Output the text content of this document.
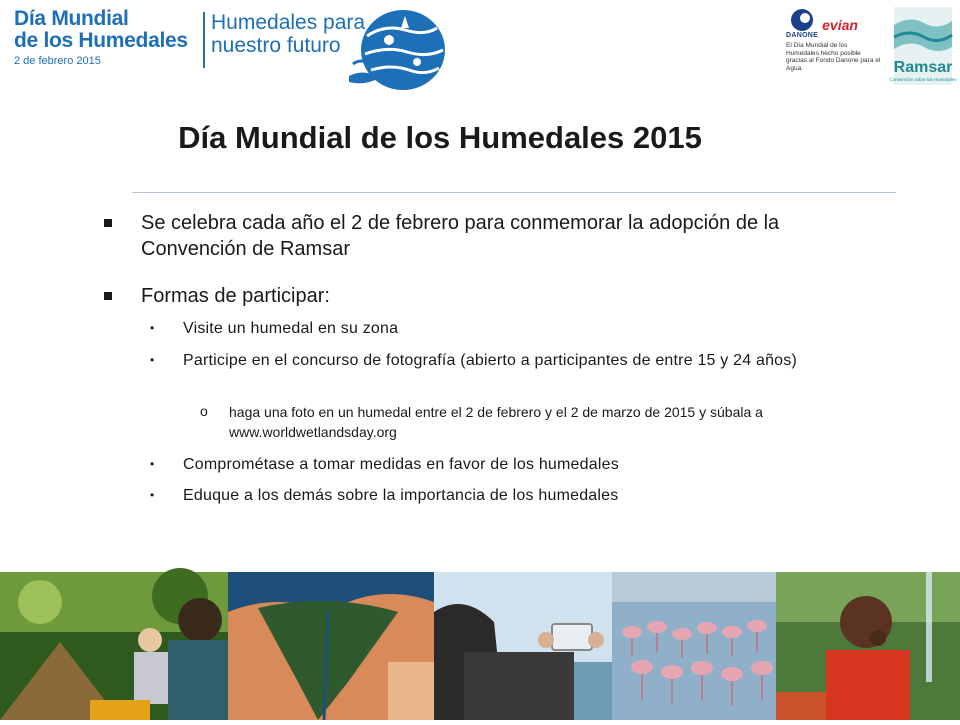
Día Mundial
de los Humedales
2 de febrero 2015
Humedales para
nuestro futuro	DANONE
evian
El Día Mundial de los Humedales hecho posible gracias al Fondo Danone para el Agua.	Ramsar
Convención sobre los Humedales
Día Mundial de los Humedales 2015
Se celebra cada año el 2 de febrero para conmemorar la adopción de la Convención de Ramsar
Formas de participar:
• Visite un humedal en su zona
• Participe en el concurso de fotografía (abierto a participantes de entre 15 y 24 años)
o haga una foto en un humedal entre el 2 de febrero y el 2 de marzo de 2015 y súbala a www.worldwetlandsday.org
• Comprométase a tomar medidas en favor de los humedales
• Eduque a los demás sobre la importancia de los humedales
